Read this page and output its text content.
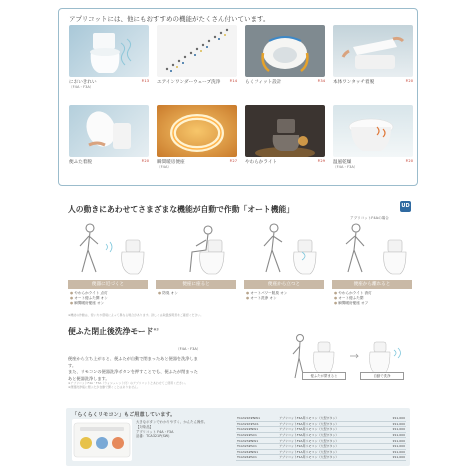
アプリコットには、他にもおすすめの機能がたくさん付いています。
においきれい	P.13
（F4A・F3A）
エアインワンダーウェーブ洗浄	P.14 らくフィット設計	P.34 本体ワンタッチ着脱	P.20
便ふた着脱	P.20 瞬間暖房便座	P.27
（F4A）
やわらかライト	P.29 温風乾燥	P.20
（F4A・F3A）
人の動きにあわせてさまざまな機能が自動で作動「オート機能」	UD
アプリコットF4Aの場合
便器に近づくと	便座に座ると	便座から立つと	便座から離れると
● やわらかライト 点灯
● オート便ふた開 オン
● 瞬間暖房便座 オン
● 防臭 オン	● オートパワー脱臭 オン
● オート洗浄 オン
● やわらかライト 消灯
● オート便ふた閉
● 瞬間暖房便座 オフ
※機能の作動は、使い方や環境によって異なる場合があります。詳しくは取扱説明書をご確認ください。
便ふた閉止後洗浄モード$^{※3}$
（F4A・F3A）

便座から立ち上がると、便ふたが自動で閉まったあと便器を洗浄します。

また、リモコンの便器洗浄ボタンを押すことでも、便ふたが閉まったあと便器洗浄します。

※アプリコットF4A・F3A（ウォシュレット付）のアプリコットとあわせてご使用ください。

※便器洗浄後に便ふたが自動で開くことはありません。

便ふたが閉まると	自動で洗浄
「らくらくリモコン」もご用意しています。

大きなボタンでわかりやすく、かんたん操作。

【対象品】

アプリコット F4A・F3A

品番：TCA321P(SW)

TCA321P#NW1	アプリコットF4A用リモコン（大型ボタン）	¥11,000
TCA321P#SC1	アプリコットF4A用リモコン（大型ボタン）	¥11,000
TCA322#NW1	アプリコットF3A用リモコン（大型ボタン）	¥11,000
TCA322#SC1	アプリコットF3A用リモコン（大型ボタン）	¥11,000
TCA323#NW1	アプリコットF2A用リモコン（大型ボタン）	¥11,000
TCA323#SC1	アプリコットF2A用リモコン（大型ボタン）	¥11,000
TCA324#NW1	アプリコットF1A用リモコン（大型ボタン）	¥11,000
TCA324#SC1	アプリコットF1A用リモコン（大型ボタン）	¥11,000
